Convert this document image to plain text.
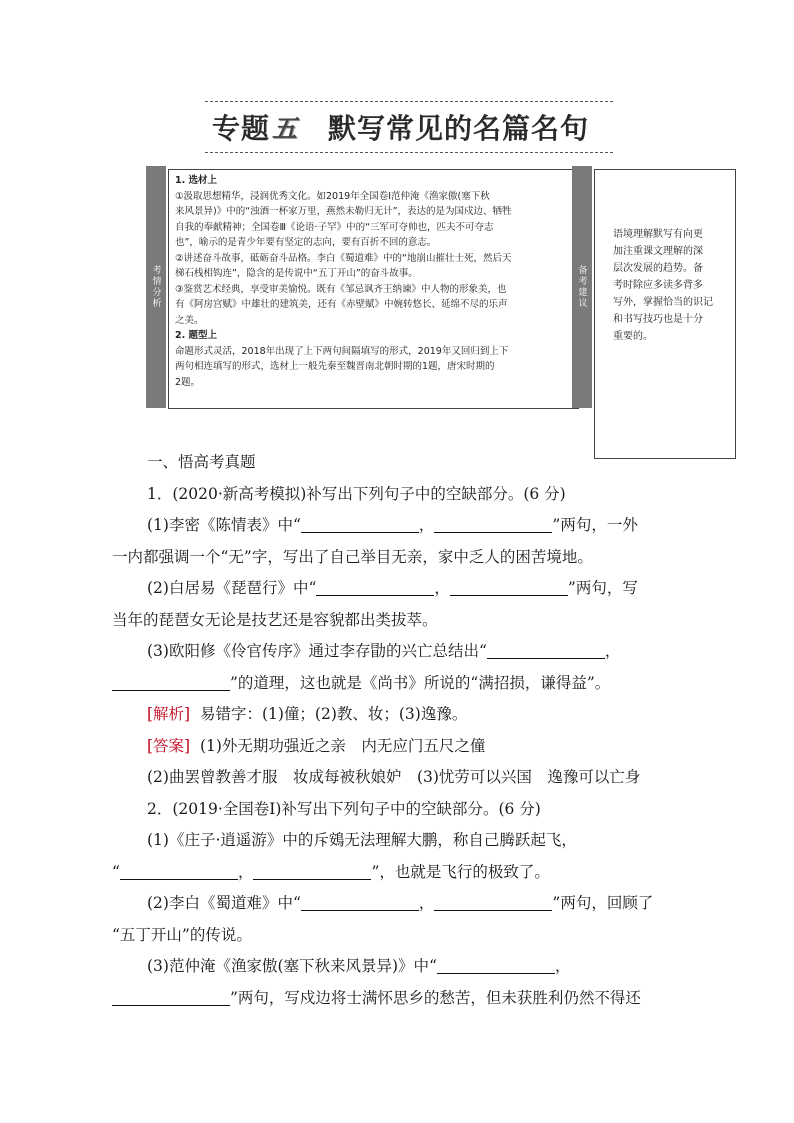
专题 五 默写常见的名篇名句
考情分析

1. 选材上

①汲取思想精华，浸润优秀文化。如2019年全国卷Ⅰ范仲淹《渔家傲(塞下秋

来风景异)》中的“浊酒一杯家万里，燕然未勒归无计”，表达的是为国戍边、牺牲

自我的奉献精神；全国卷Ⅲ《论语·子罕》中的“三军可夺帅也，匹夫不可夺志

也”，喻示的是青少年要有坚定的志向，要有百折不回的意志。

②讲述奋斗故事，砥砺奋斗品格。李白《蜀道难》中的“地崩山摧壮士死，然后天

梯石栈相钩连”，隐含的是传说中“五丁开山”的奋斗故事。

③鉴赏艺术经典，享受审美愉悦。既有《邹忌讽齐王纳谏》中人物的形象美，也

有《阿房宫赋》中雄壮的建筑美，还有《赤壁赋》中婉转悠长、延绵不尽的乐声

之美。

2. 题型上

命题形式灵活，2018年出现了上下两句间隔填写的形式，2019年又回归到上下

两句相连填写的形式，选材上一般先秦至魏晋南北朝时期的1题，唐宋时期的

2题。

备考建议

语境理解默写有向更

加注重课文理解的深

层次发展的趋势。备

考时除应多读多背多

写外，掌握恰当的识记

和书写技巧也是十分

重要的。

一、悟高考真题

1．(2020·新高考模拟)补写出下列句子中的空缺部分。(6 分)

(1)李密《陈情表》中“	，	”两句，一外

一内都强调一个“无”字，写出了自己举目无亲，家中乏人的困苦境地。

(2)白居易《琵琶行》中“	，	”两句，写

当年的琵琶女无论是技艺还是容貌都出类拔萃。

(3)欧阳修《伶官传序》通过李存勖的兴亡总结出“	，

”的道理，这也就是《尚书》所说的“满招损，谦得益”。

[解析] 易错字：(1)僮；(2)教、妆；(3)逸豫。

[答案] (1)外无期功强近之亲　内无应门五尺之僮

(2)曲罢曾教善才服　妆成每被秋娘妒　(3)忧劳可以兴国　逸豫可以亡身

2．(2019·全国卷Ⅰ)补写出下列句子中的空缺部分。(6 分)

(1)《庄子·逍遥游》中的斥鴳无法理解大鹏，称自己腾跃起飞，

“	，	”，也就是飞行的极致了。

(2)李白《蜀道难》中“	，	”两句，回顾了

“五丁开山”的传说。

(3)范仲淹《渔家傲(塞下秋来风景异)》中“	，

”两句，写戍边将士满怀思乡的愁苦，但未获胜利仍然不得还
